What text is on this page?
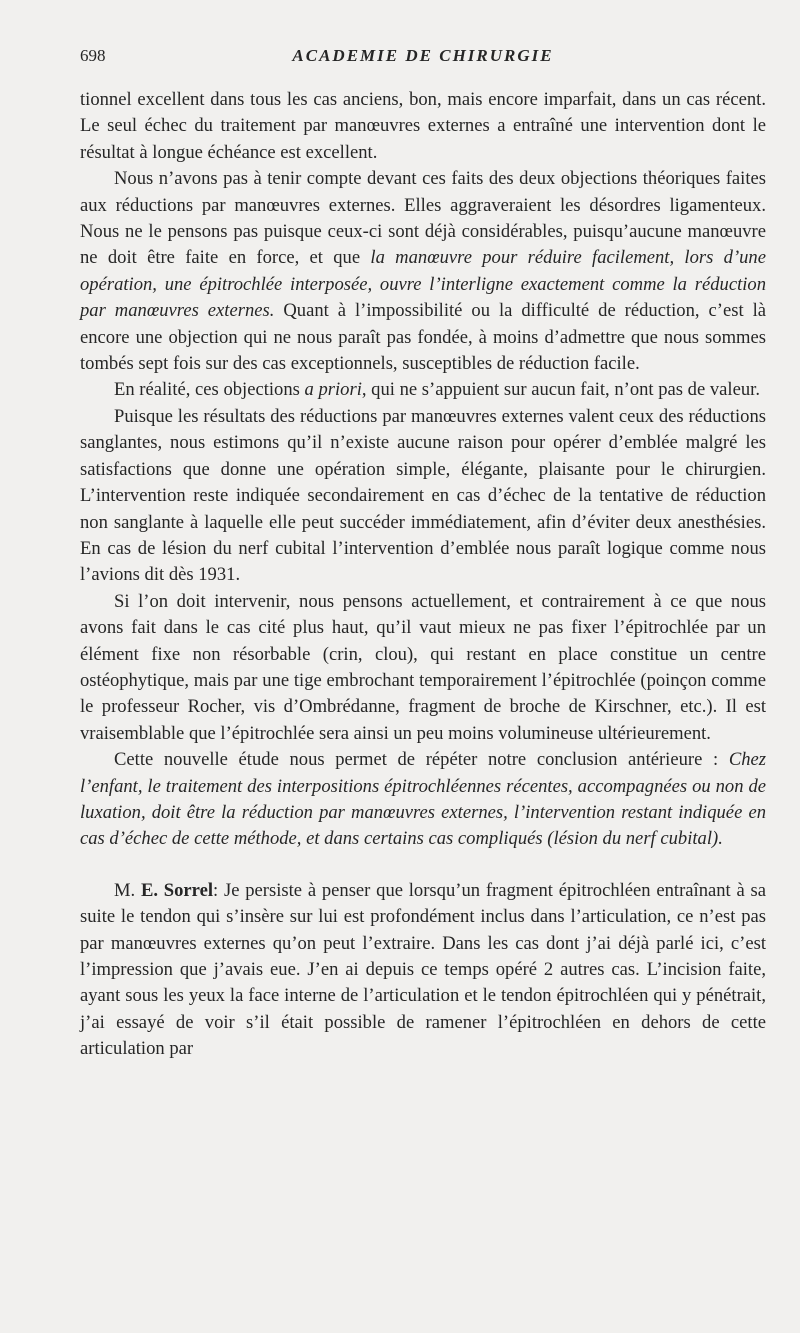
698	ACADEMIE DE CHIRURGIE

tionnel excellent dans tous les cas anciens, bon, mais encore imparfait, dans un cas récent. Le seul échec du traitement par manœuvres externes a entraîné une intervention dont le résultat à longue échéance est excellent.

Nous n’avons pas à tenir compte devant ces faits des deux objections théoriques faites aux réductions par manœuvres externes. Elles aggraveraient les désordres ligamenteux. Nous ne le pensons pas puisque ceux-ci sont déjà considérables, puisqu’aucune manœuvre ne doit être faite en force, et que la manœuvre pour réduire facilement, lors d’une opération, une épitrochlée interposée, ouvre l’interligne exactement comme la réduction par manœuvres externes. Quant à l’impossibilité ou la difficulté de réduction, c’est là encore une objection qui ne nous paraît pas fondée, à moins d’admettre que nous sommes tombés sept fois sur des cas exceptionnels, susceptibles de réduction facile.

En réalité, ces objections a priori, qui ne s’appuient sur aucun fait, n’ont pas de valeur.

Puisque les résultats des réductions par manœuvres externes valent ceux des réductions sanglantes, nous estimons qu’il n’existe aucune raison pour opérer d’emblée malgré les satisfactions que donne une opération simple, élégante, plaisante pour le chirurgien. L’intervention reste indiquée secondairement en cas d’échec de la tentative de réduction non sanglante à laquelle elle peut succéder immédiatement, afin d’éviter deux anesthésies. En cas de lésion du nerf cubital l’intervention d’emblée nous paraît logique comme nous l’avions dit dès 1931.

Si l’on doit intervenir, nous pensons actuellement, et contrairement à ce que nous avons fait dans le cas cité plus haut, qu’il vaut mieux ne pas fixer l’épitrochlée par un élément fixe non résorbable (crin, clou), qui restant en place constitue un centre ostéophytique, mais par une tige embrochant temporairement l’épitrochlée (poinçon comme le professeur Rocher, vis d’Ombrédanne, fragment de broche de Kirschner, etc.). Il est vraisemblable que l’épitrochlée sera ainsi un peu moins volumineuse ultérieurement.

Cette nouvelle étude nous permet de répéter notre conclusion antérieure : Chez l’enfant, le traitement des interpositions épitrochléennes récentes, accompagnées ou non de luxation, doit être la réduction par manœuvres externes, l’intervention restant indiquée en cas d’échec de cette méthode, et dans certains cas compliqués (lésion du nerf cubital).

M. E. Sorrel: Je persiste à penser que lorsqu’un fragment épitrochléen entraînant à sa suite le tendon qui s’insère sur lui est profondément inclus dans l’articulation, ce n’est pas par manœuvres externes qu’on peut l’extraire. Dans les cas dont j’ai déjà parlé ici, c’est l’impression que j’avais eue. J’en ai depuis ce temps opéré 2 autres cas. L’incision faite, ayant sous les yeux la face interne de l’articulation et le tendon épitrochléen qui y pénétrait, j’ai essayé de voir s’il était possible de ramener l’épitrochléen en dehors de cette articulation par
